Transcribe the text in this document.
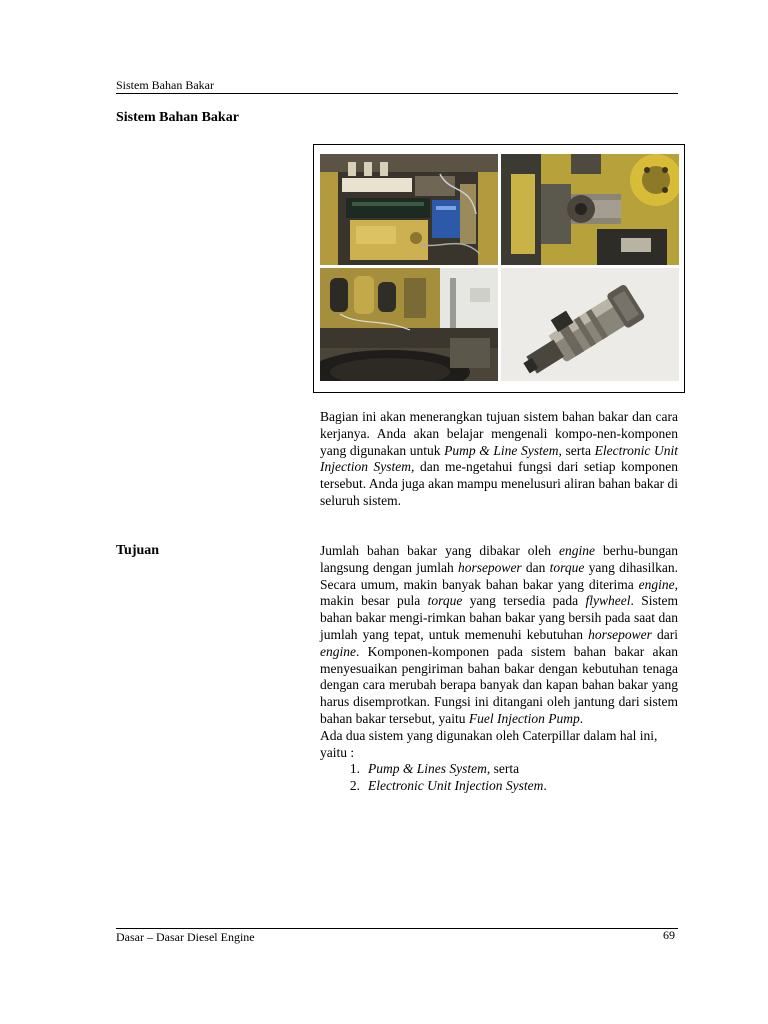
Sistem Bahan Bakar
Sistem Bahan Bakar

Bagian ini akan menerangkan tujuan sistem bahan bakar dan cara kerjanya. Anda akan belajar mengenali kompo-nen-komponen yang digunakan untuk Pump & Line System, serta Electronic Unit Injection System, dan me-ngetahui fungsi dari setiap komponen tersebut. Anda juga akan mampu menelusuri aliran bahan bakar di seluruh sistem.

Tujuan	Jumlah bahan bakar yang dibakar oleh engine berhu-bungan langsung dengan jumlah horsepower dan torque yang dihasilkan. Secara umum, makin banyak bahan bakar yang diterima engine, makin besar pula torque yang tersedia pada flywheel. Sistem bahan bakar mengi-rimkan bahan bakar yang bersih pada saat dan jumlah yang tepat, untuk memenuhi kebutuhan horsepower dari engine. Komponen-komponen pada sistem bahan bakar akan menyesuaikan pengiriman bahan bakar dengan kebutuhan tenaga dengan cara merubah berapa banyak dan kapan bahan bakar yang harus disemprotkan. Fungsi ini ditangani oleh jantung dari sistem bahan bakar tersebut, yaitu Fuel Injection Pump.

Ada dua sistem yang digunakan oleh Caterpillar dalam hal ini, yaitu :

1. Pump & Lines System, serta
2. Electronic Unit Injection System.
Dasar – Dasar Diesel Engine	69
